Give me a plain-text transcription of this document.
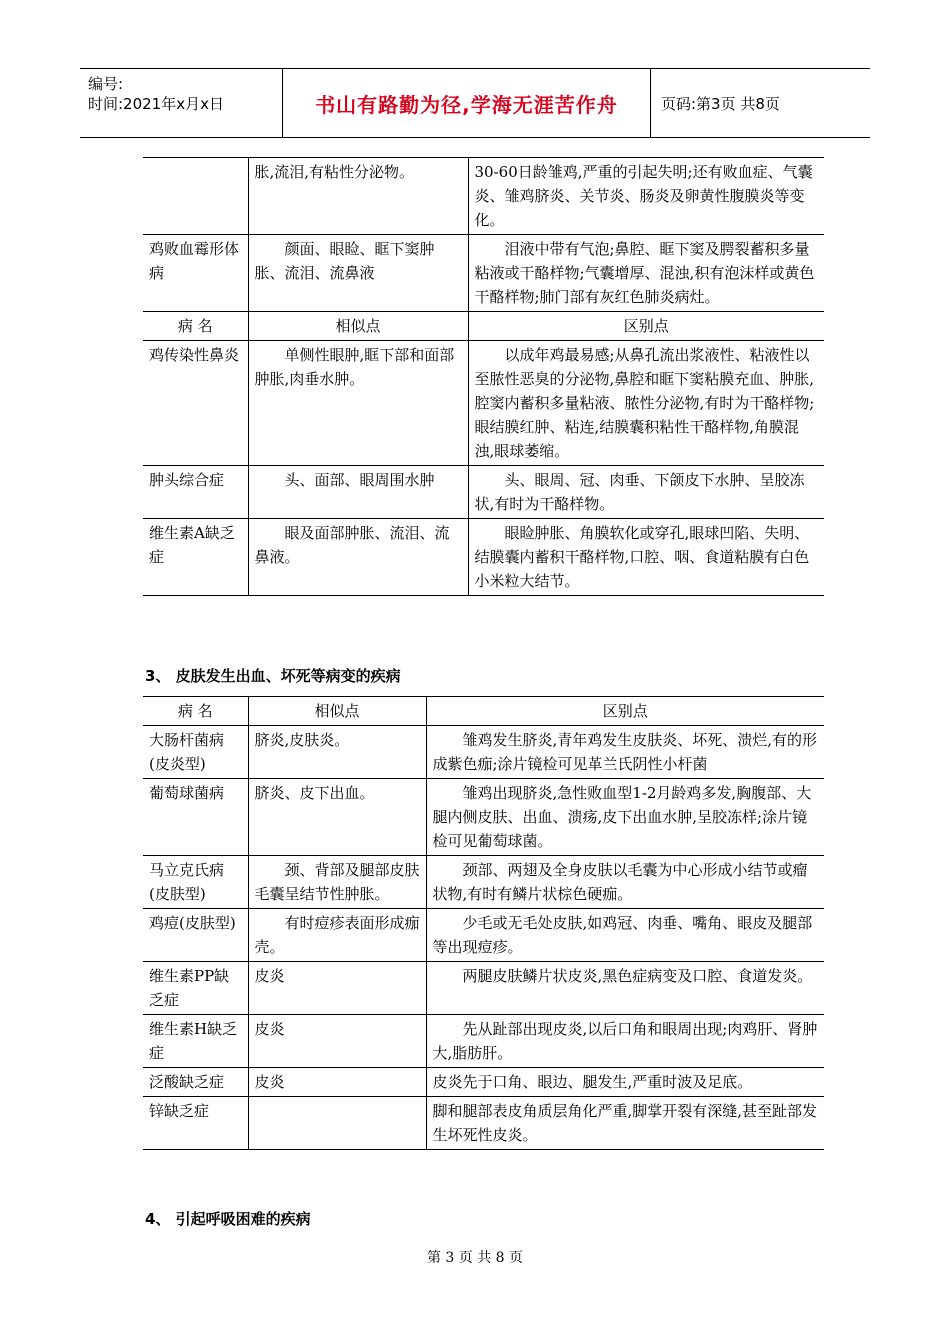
编号:
时间:2021年x月x日	书山有路勤为径,学海无涯苦作舟	页码:第3页 共8页
	胀,流泪,有粘性分泌物。	30-60日龄雏鸡,严重的引起失明;还有败血症、气囊炎、雏鸡脐炎、关节炎、肠炎及卵黄性腹膜炎等变化。
鸡败血霉形体病	颜面、眼睑、眶下窦肿胀、流泪、流鼻液	泪液中带有气泡;鼻腔、眶下窦及腭裂蓄积多量粘液或干酪样物;气囊增厚、混浊,积有泡沫样或黄色干酪样物;肺门部有灰红色肺炎病灶。
病 名	相似点	区别点
鸡传染性鼻炎	单侧性眼肿,眶下部和面部肿胀,肉垂水肿。	以成年鸡最易感;从鼻孔流出浆液性、粘液性以至脓性恶臭的分泌物,鼻腔和眶下窦粘膜充血、肿胀,腔窦内蓄积多量粘液、脓性分泌物,有时为干酪样物;眼结膜红肿、粘连,结膜囊积粘性干酪样物,角膜混浊,眼球萎缩。
肿头综合症	头、面部、眼周围水肿	头、眼周、冠、肉垂、下颌皮下水肿、呈胶冻状,有时为干酪样物。
维生素A缺乏症	眼及面部肿胀、流泪、流鼻液。	眼睑肿胀、角膜软化或穿孔,眼球凹陷、失明、结膜囊内蓄积干酪样物,口腔、咽、食道粘膜有白色小米粒大结节。
3、 皮肤发生出血、坏死等病变的疾病
病 名	相似点	区别点
大肠杆菌病(皮炎型)	脐炎,皮肤炎。	雏鸡发生脐炎,青年鸡发生皮肤炎、坏死、溃烂,有的形成紫色痂;涂片镜检可见革兰氏阴性小杆菌
葡萄球菌病	脐炎、皮下出血。	雏鸡出现脐炎,急性败血型1-2月龄鸡多发,胸腹部、大腿内侧皮肤、出血、溃疡,皮下出血水肿,呈胶冻样;涂片镜检可见葡萄球菌。
马立克氏病(皮肤型)	颈、背部及腿部皮肤毛囊呈结节性肿胀。	颈部、两翅及全身皮肤以毛囊为中心形成小结节或瘤状物,有时有鳞片状棕色硬痂。
鸡痘(皮肤型)	有时痘疹表面形成痂壳。	少毛或无毛处皮肤,如鸡冠、肉垂、嘴角、眼皮及腿部等出现痘疹。
维生素PP缺乏症	皮炎	两腿皮肤鳞片状皮炎,黑色症病变及口腔、食道发炎。
维生素H缺乏症	皮炎	先从趾部出现皮炎,以后口角和眼周出现;肉鸡肝、肾肿大,脂肪肝。
泛酸缺乏症	皮炎	皮炎先于口角、眼边、腿发生,严重时波及足底。
锌缺乏症		脚和腿部表皮角质层角化严重,脚掌开裂有深缝,甚至趾部发生坏死性皮炎。
4、 引起呼吸困难的疾病
第 3 页 共 8 页
